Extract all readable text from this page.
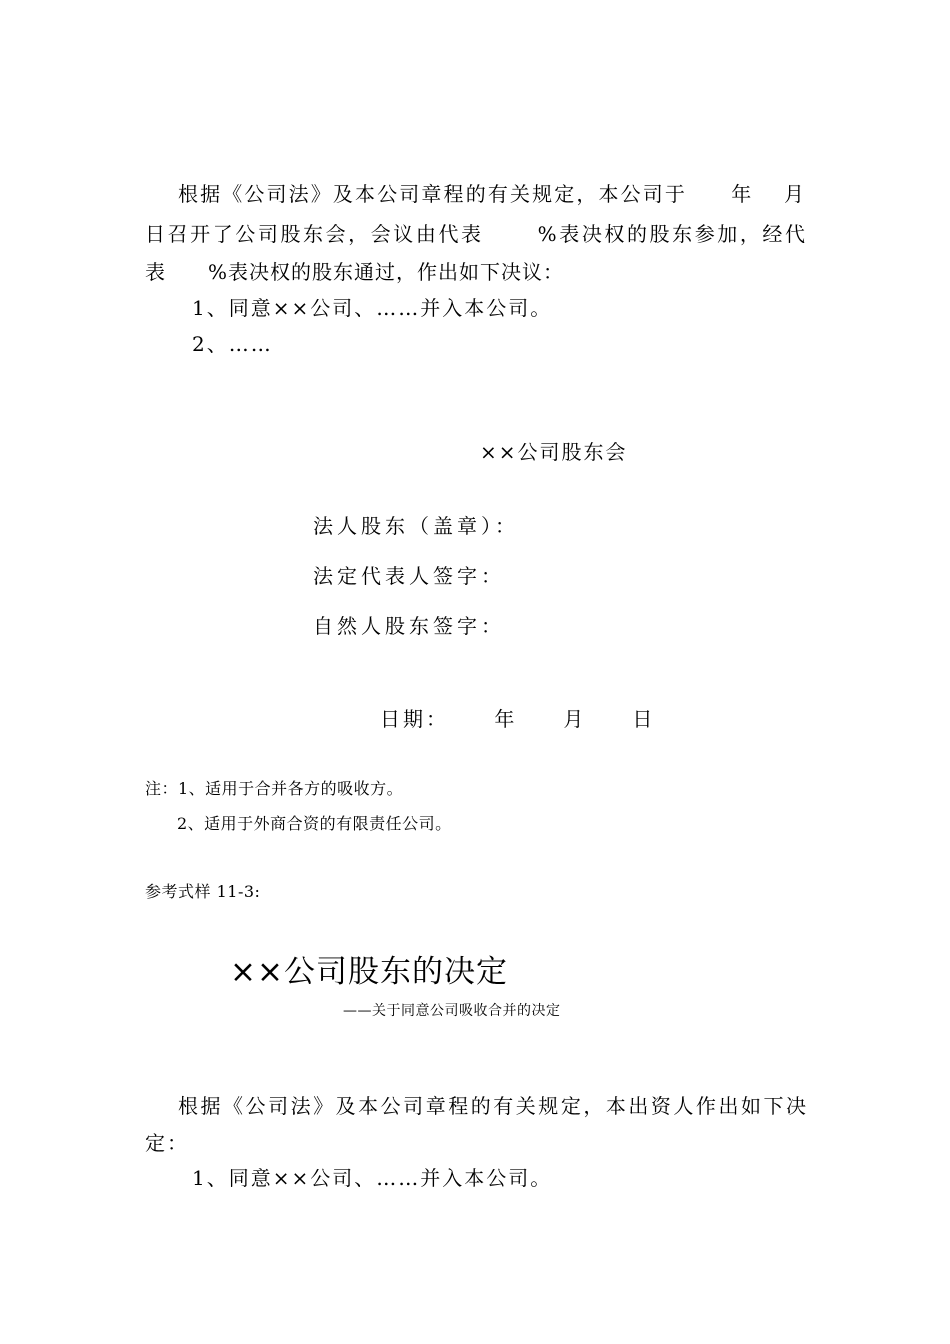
根据《公司法》及本公司章程的有关规定，本公司于　　年　 月
日召开了公司股东会，会议由代表　　 %表决权的股东参加，经代
表　　%表决权的股东通过，作出如下决议：
1、同意××公司、……并入本公司。
2、……
××公司股东会
法人股东（盖章）：
法定代表人签字：
自然人股东签字：
日期：　　 年　　月　　日
注：1、适用于合并各方的吸收方。
2、适用于外商合资的有限责任公司。
参考式样 11-3:
××公司股东的决定
——关于同意公司吸收合并的决定
根据《公司法》及本公司章程的有关规定，本出资人作出如下决
定：
1、同意××公司、……并入本公司。
